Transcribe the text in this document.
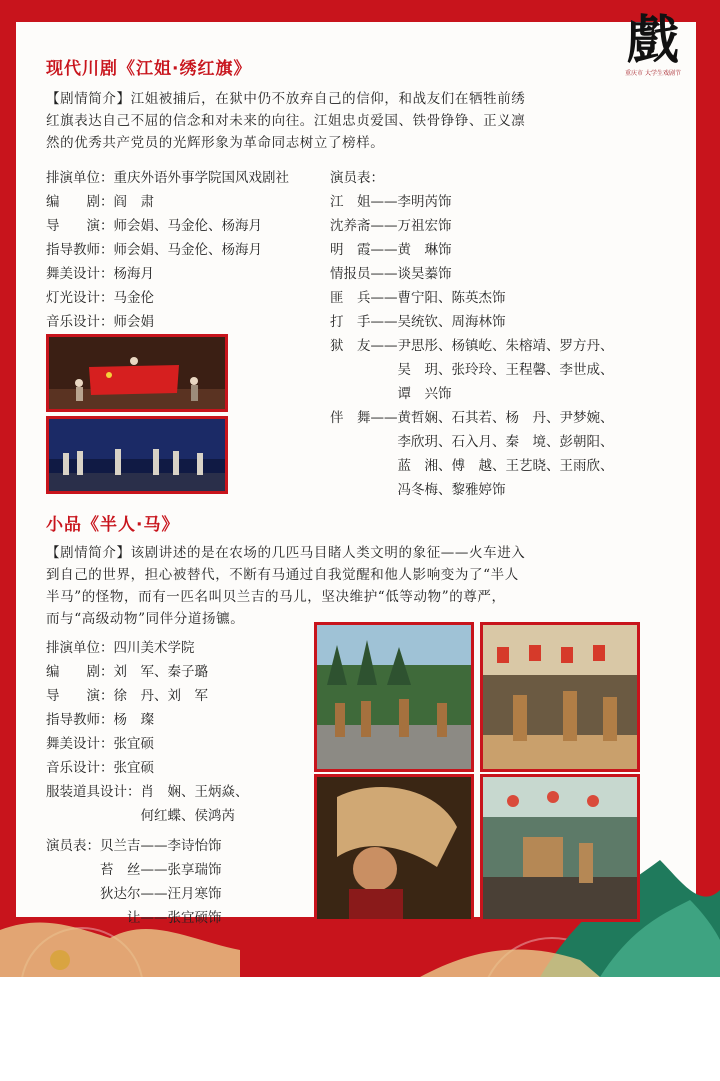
戲
重庆市 大学生戏剧节
现代川剧《江姐·绣红旗》
【剧情简介】江姐被捕后，在狱中仍不放弃自己的信仰，和战友们在牺牲前绣
红旗表达自己不屈的信念和对未来的向往。江姐忠贞爱国、铁骨铮铮、正义凛
然的优秀共产党员的光辉形象为革命同志树立了榜样。
排演单位：重庆外语外事学院国风戏剧社
编　　剧：阎　肃
导　　演：师会娟、马金伦、杨海月
指导教师：师会娟、马金伦、杨海月
舞美设计：杨海月
灯光设计：马金伦
音乐设计：师会娟
演员表：
江　姐——李明芮饰
沈养斋——万祖宏饰
明　霞——黄　琳饰
情报员——谈昊蓁饰
匪　兵——曹宁阳、陈英杰饰
打　手——吴统钦、周海林饰
狱　友——尹思彤、杨镇屹、朱榕靖、罗方丹、
　　　　　吴　玥、张玲玲、王程馨、李世成、
　　　　　谭　兴饰
伴　舞——黄哲娴、石其若、杨　丹、尹梦婉、
　　　　　李欣玥、石入月、秦　境、彭朝阳、
　　　　　蓝　湘、傅　越、王艺晓、王雨欣、
　　　　　冯冬梅、黎雅婷饰
小品《半人·马》
【剧情简介】该剧讲述的是在农场的几匹马目睹人类文明的象征——火车进入
到自己的世界，担心被替代，不断有马通过自我觉醒和他人影响变为了“半人
半马”的怪物，而有一匹名叫贝兰吉的马儿，坚决维护“低等动物”的尊严，
而与“高级动物”同伴分道扬镳。
排演单位：四川美术学院
编　　剧：刘　军、秦子璐
导　　演：徐　丹、刘　军
指导教师：杨　璨
舞美设计：张宜硕
音乐设计：张宜硕
服装道具设计：肖　娴、王炳焱、
　　　　　　　何红蝶、侯鸿芮
演员表：贝兰吉——李诗怡饰
　　　　苔　丝——张享瑞饰
　　　　狄达尔——汪月寒饰
　　　　　　让——张宜硕饰
